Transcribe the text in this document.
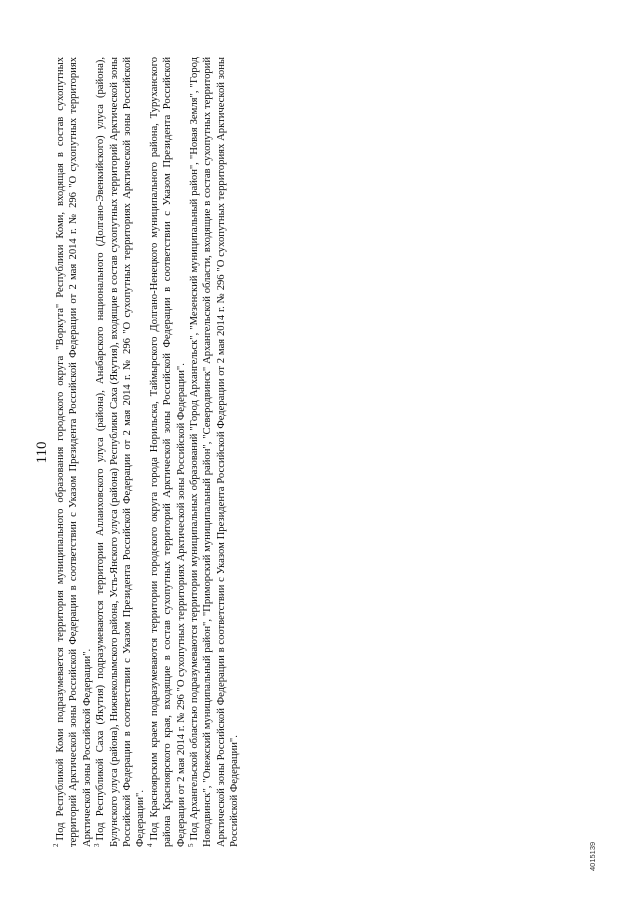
110

$^2$Под Республикой Коми подразумевается территория муниципального образования городского округа "Воркута" Республики Коми, входящая в состав сухопутных территорий Арктической зоны Российской Федерации в соответствии с Указом Президента Российской Федерации от 2 мая 2014 г. № 296 "О сухопутных территориях Арктической зоны Российской Федерации". $^3$Под Республикой Саха (Якутия) подразумеваются территории Аллаиховского улуса (района), Анабарского национального (Долгано-Эвенкийского) улуса (района), Булунского улуса (района), Нижнеколымского района, Усть-Янского улуса (района) Республики Саха (Якутия), входящие в состав сухопутных территорий Арктической зоны Российской Федерации в соответствии с Указом Президента Российской Федерации от 2 мая 2014 г. № 296 "О сухопутных территориях Арктической зоны Российской Федерации". $^4$Под Красноярским краем подразумеваются территории городского округа города Норильска, Таймырского Долгано-Ненецкого муниципального района, Туруханского района Красноярского края, входящие в состав сухопутных территорий Арктической зоны Российской Федерации в соответствии с Указом Президента Российской Федерации от 2 мая 2014 г. № 296 "О сухопутных территориях Арктической зоны Российской Федерации". $^5$Под Архангельской областью подразумеваются территории муниципальных образований "Город Архангельск", "Мезенский муниципальный район", "Новая Земля", "Город Новодвинск", "Онежский муниципальный район", "Приморский муниципальный район", "Северодвинск" Архангельской области, входящие в состав сухопутных территорий Арктической зоны Российской Федерации в соответствии с Указом Президента Российской Федерации от 2 мая 2014 г. № 296 "О сухопутных территориях Арктической зоны Российской Федерации".

4015139
